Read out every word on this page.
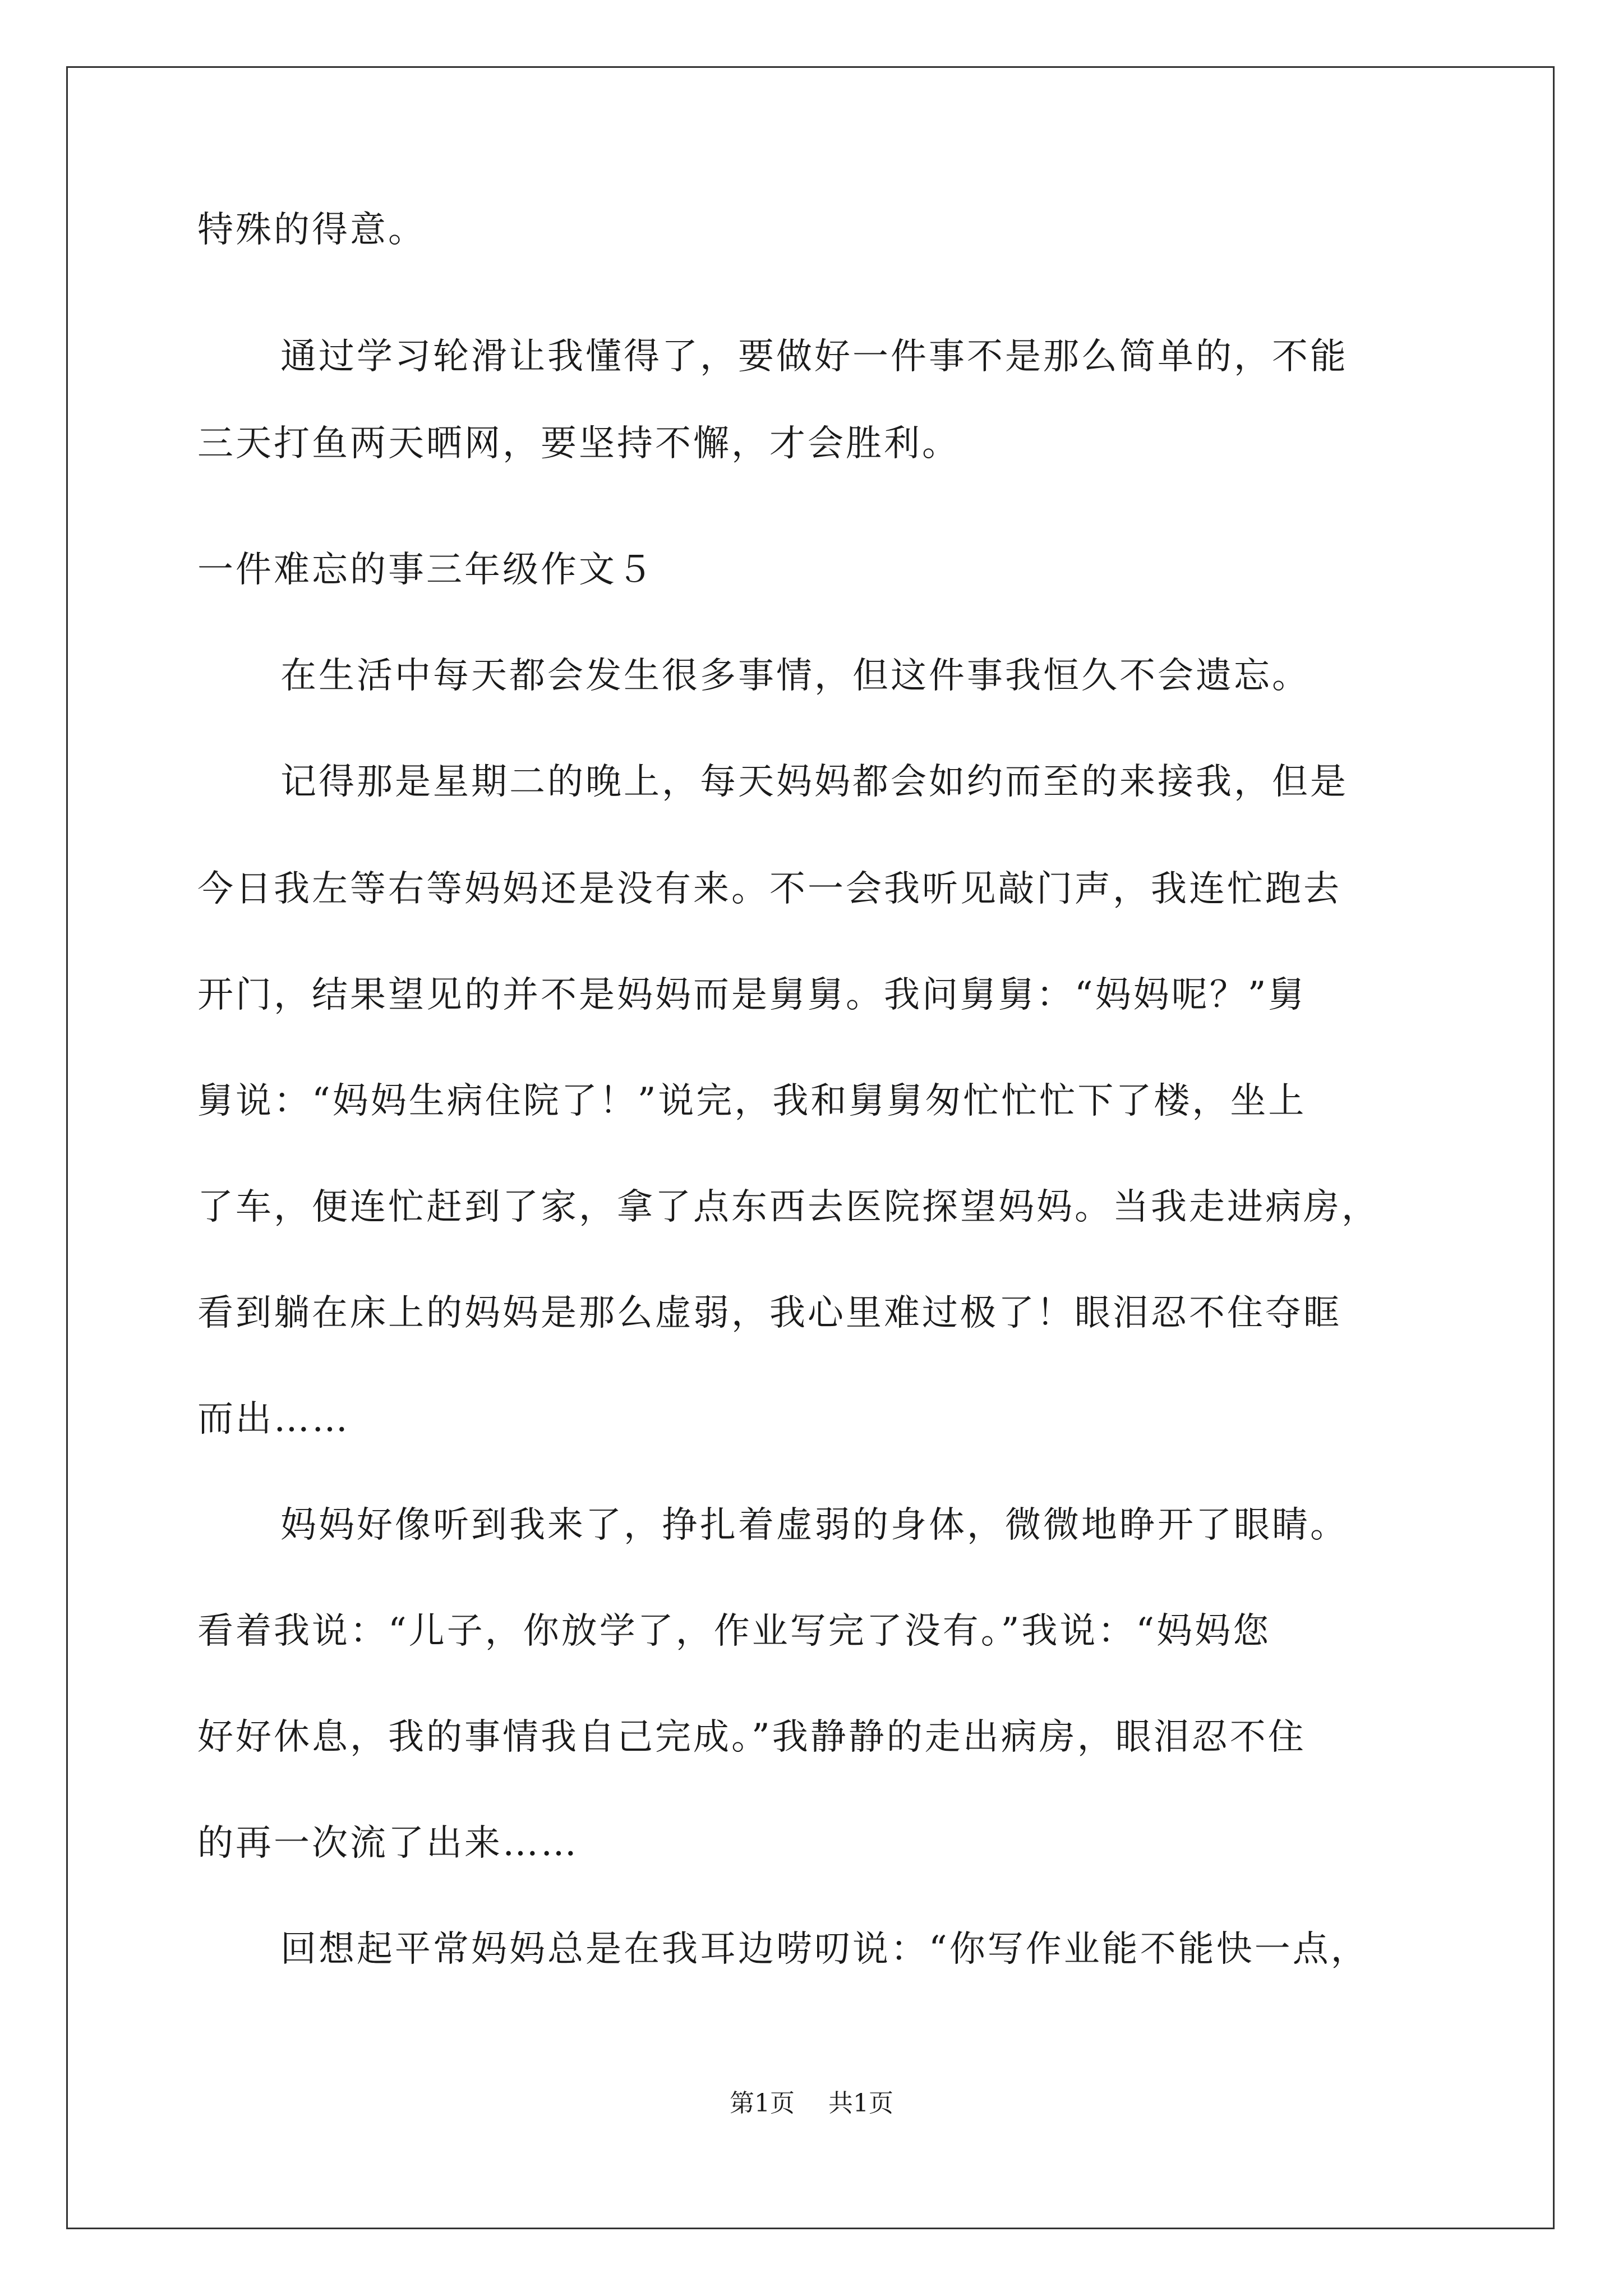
特殊的得意。

通过学习轮滑让我懂得了，要做好一件事不是那么简单的，不能

三天打鱼两天晒网，要坚持不懈，才会胜利。

一件难忘的事三年级作文５

在生活中每天都会发生很多事情，但这件事我恒久不会遗忘。

记得那是星期二的晚上，每天妈妈都会如约而至的来接我，但是

今日我左等右等妈妈还是没有来。不一会我听见敲门声，我连忙跑去

开门，结果望见的并不是妈妈而是舅舅。我问舅舅：“妈妈呢？”舅

舅说：“妈妈生病住院了！”说完，我和舅舅匆忙忙忙下了楼，坐上

了车，便连忙赶到了家，拿了点东西去医院探望妈妈。当我走进病房，

看到躺在床上的妈妈是那么虚弱，我心里难过极了！眼泪忍不住夺眶

而出……

妈妈好像听到我来了，挣扎着虚弱的身体，微微地睁开了眼睛。

看着我说：“儿子，你放学了，作业写完了没有。”我说：“妈妈您

好好休息，我的事情我自己完成。”我静静的走出病房，眼泪忍不住

的再一次流了出来……

回想起平常妈妈总是在我耳边唠叨说：“你写作业能不能快一点，

第1页 共1页
